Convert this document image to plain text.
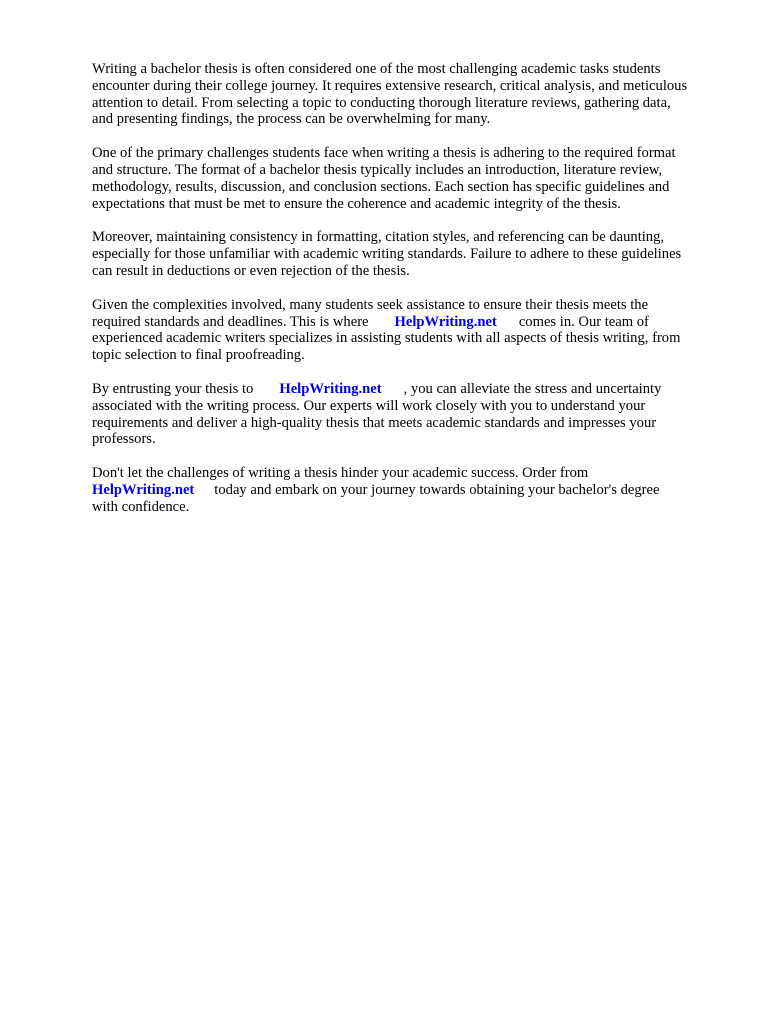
Writing a bachelor thesis is often considered one of the most challenging academic tasks students
encounter during their college journey. It requires extensive research, critical analysis, and meticulous
attention to detail. From selecting a topic to conducting thorough literature reviews, gathering data,
and presenting findings, the process can be overwhelming for many.

One of the primary challenges students face when writing a thesis is adhering to the required format
and structure. The format of a bachelor thesis typically includes an introduction, literature review,
methodology, results, discussion, and conclusion sections. Each section has specific guidelines and
expectations that must be met to ensure the coherence and academic integrity of the thesis.

Moreover, maintaining consistency in formatting, citation styles, and referencing can be daunting,
especially for those unfamiliar with academic writing standards. Failure to adhere to these guidelines
can result in deductions or even rejection of the thesis.

Given the complexities involved, many students seek assistance to ensure their thesis meets the
required standards and deadlines. This is where HelpWriting.net comes in. Our team of
experienced academic writers specializes in assisting students with all aspects of thesis writing, from
topic selection to final proofreading.

By entrusting your thesis to HelpWriting.net , you can alleviate the stress and uncertainty
associated with the writing process. Our experts will work closely with you to understand your
requirements and deliver a high-quality thesis that meets academic standards and impresses your
professors.

Don't let the challenges of writing a thesis hinder your academic success. Order from
HelpWriting.net today and embark on your journey towards obtaining your bachelor's degree
with confidence.
